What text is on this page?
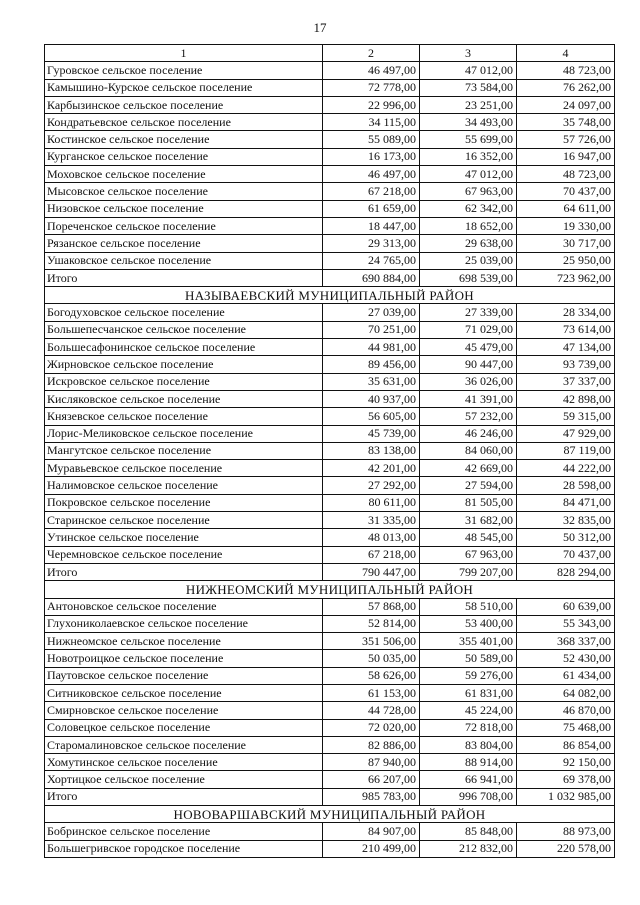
17
1	2	3	4
Гуровское сельское поселение	46 497,00	47 012,00	48 723,00
Камышино-Курское сельское поселение	72 778,00	73 584,00	76 262,00
Карбызинское сельское поселение	22 996,00	23 251,00	24 097,00
Кондратьевское сельское поселение	34 115,00	34 493,00	35 748,00
Костинское сельское поселение	55 089,00	55 699,00	57 726,00
Курганское сельское поселение	16 173,00	16 352,00	16 947,00
Моховское сельское поселение	46 497,00	47 012,00	48 723,00
Мысовское сельское поселение	67 218,00	67 963,00	70 437,00
Низовское сельское поселение	61 659,00	62 342,00	64 611,00
Пореченское сельское поселение	18 447,00	18 652,00	19 330,00
Рязанское сельское поселение	29 313,00	29 638,00	30 717,00
Ушаковское сельское поселение	24 765,00	25 039,00	25 950,00
Итого	690 884,00	698 539,00	723 962,00
НАЗЫВАЕВСКИЙ МУНИЦИПАЛЬНЫЙ РАЙОН			
Богодуховское сельское поселение	27 039,00	27 339,00	28 334,00
Большепесчанское сельское поселение	70 251,00	71 029,00	73 614,00
Большесафонинское сельское поселение	44 981,00	45 479,00	47 134,00
Жирновское сельское поселение	89 456,00	90 447,00	93 739,00
Искровское сельское поселение	35 631,00	36 026,00	37 337,00
Кисляковское сельское поселение	40 937,00	41 391,00	42 898,00
Князевское сельское поселение	56 605,00	57 232,00	59 315,00
Лорис-Меликовское сельское поселение	45 739,00	46 246,00	47 929,00
Мангутское сельское поселение	83 138,00	84 060,00	87 119,00
Муравьевское сельское поселение	42 201,00	42 669,00	44 222,00
Налимовское сельское поселение	27 292,00	27 594,00	28 598,00
Покровское сельское поселение	80 611,00	81 505,00	84 471,00
Старинское сельское поселение	31 335,00	31 682,00	32 835,00
Утинское сельское поселение	48 013,00	48 545,00	50 312,00
Черемновское сельское поселение	67 218,00	67 963,00	70 437,00
Итого	790 447,00	799 207,00	828 294,00
НИЖНЕОМСКИЙ МУНИЦИПАЛЬНЫЙ РАЙОН			
Антоновское сельское поселение	57 868,00	58 510,00	60 639,00
Глухониколаевское сельское поселение	52 814,00	53 400,00	55 343,00
Нижнеомское сельское поселение	351 506,00	355 401,00	368 337,00
Новотроицкое сельское поселение	50 035,00	50 589,00	52 430,00
Паутовское сельское поселение	58 626,00	59 276,00	61 434,00
Ситниковское сельское поселение	61 153,00	61 831,00	64 082,00
Смирновское сельское поселение	44 728,00	45 224,00	46 870,00
Соловецкое сельское поселение	72 020,00	72 818,00	75 468,00
Старомалиновское сельское поселение	82 886,00	83 804,00	86 854,00
Хомутинское сельское поселение	87 940,00	88 914,00	92 150,00
Хортицкое сельское поселение	66 207,00	66 941,00	69 378,00
Итого	985 783,00	996 708,00	1 032 985,00
НОВОВАРШАВСКИЙ МУНИЦИПАЛЬНЫЙ РАЙОН			
Бобринское сельское поселение	84 907,00	85 848,00	88 973,00
Большегривское городское поселение	210 499,00	212 832,00	220 578,00
